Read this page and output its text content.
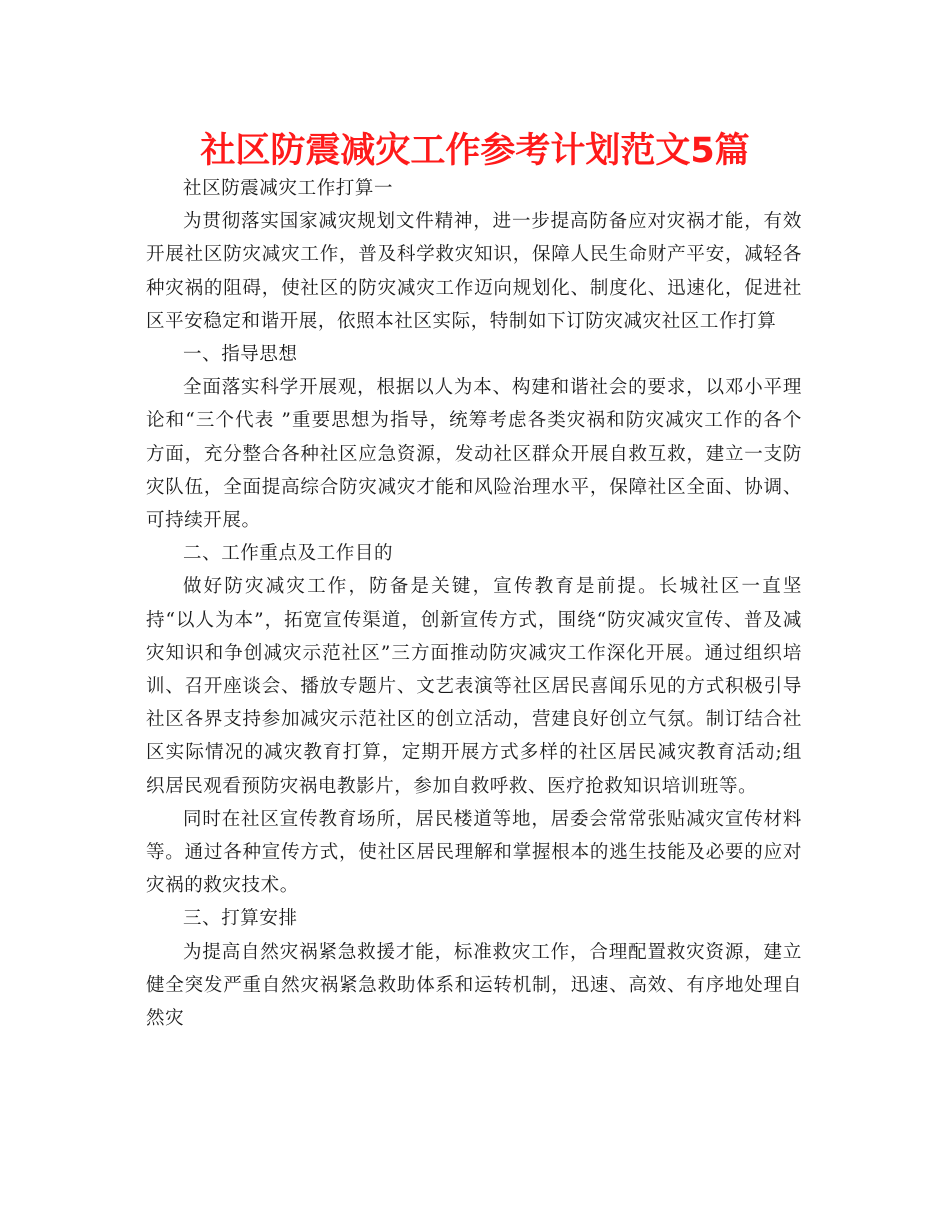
社区防震减灾工作参考计划范文5篇

社区防震减灾工作打算一

为贯彻落实国家减灾规划文件精神，进一步提高防备应对灾祸才能，有效开展社区防灾减灾工作，普及科学救灾知识，保障人民生命财产平安，减轻各种灾祸的阻碍，使社区的防灾减灾工作迈向规划化、制度化、迅速化，促进社区平安稳定和谐开展，依照本社区实际，特制如下订防灾减灾社区工作打算

一、指导思想

全面落实科学开展观，根据以人为本、构建和谐社会的要求，以邓小平理论和“三个代表 ”重要思想为指导，统筹考虑各类灾祸和防灾减灾工作的各个方面，充分整合各种社区应急资源，发动社区群众开展自救互救，建立一支防灾队伍，全面提高综合防灾减灾才能和风险治理水平，保障社区全面、协调、可持续开展。

二、工作重点及工作目的

做好防灾减灾工作，防备是关键，宣传教育是前提。长城社区一直坚持“以人为本”，拓宽宣传渠道，创新宣传方式，围绕“防灾减灾宣传、普及减灾知识和争创减灾示范社区”三方面推动防灾减灾工作深化开展。通过组织培训、召开座谈会、播放专题片、文艺表演等社区居民喜闻乐见的方式积极引导社区各界支持参加减灾示范社区的创立活动，营建良好创立气氛。制订结合社区实际情况的减灾教育打算，定期开展方式多样的社区居民减灾教育活动;组织居民观看预防灾祸电教影片，参加自救呼救、医疗抢救知识培训班等。

同时在社区宣传教育场所，居民楼道等地，居委会常常张贴减灾宣传材料等。通过各种宣传方式，使社区居民理解和掌握根本的逃生技能及必要的应对灾祸的救灾技术。

三、打算安排

为提高自然灾祸紧急救援才能，标准救灾工作，合理配置救灾资源，建立健全突发严重自然灾祸紧急救助体系和运转机制，迅速、高效、有序地处理自然灾
